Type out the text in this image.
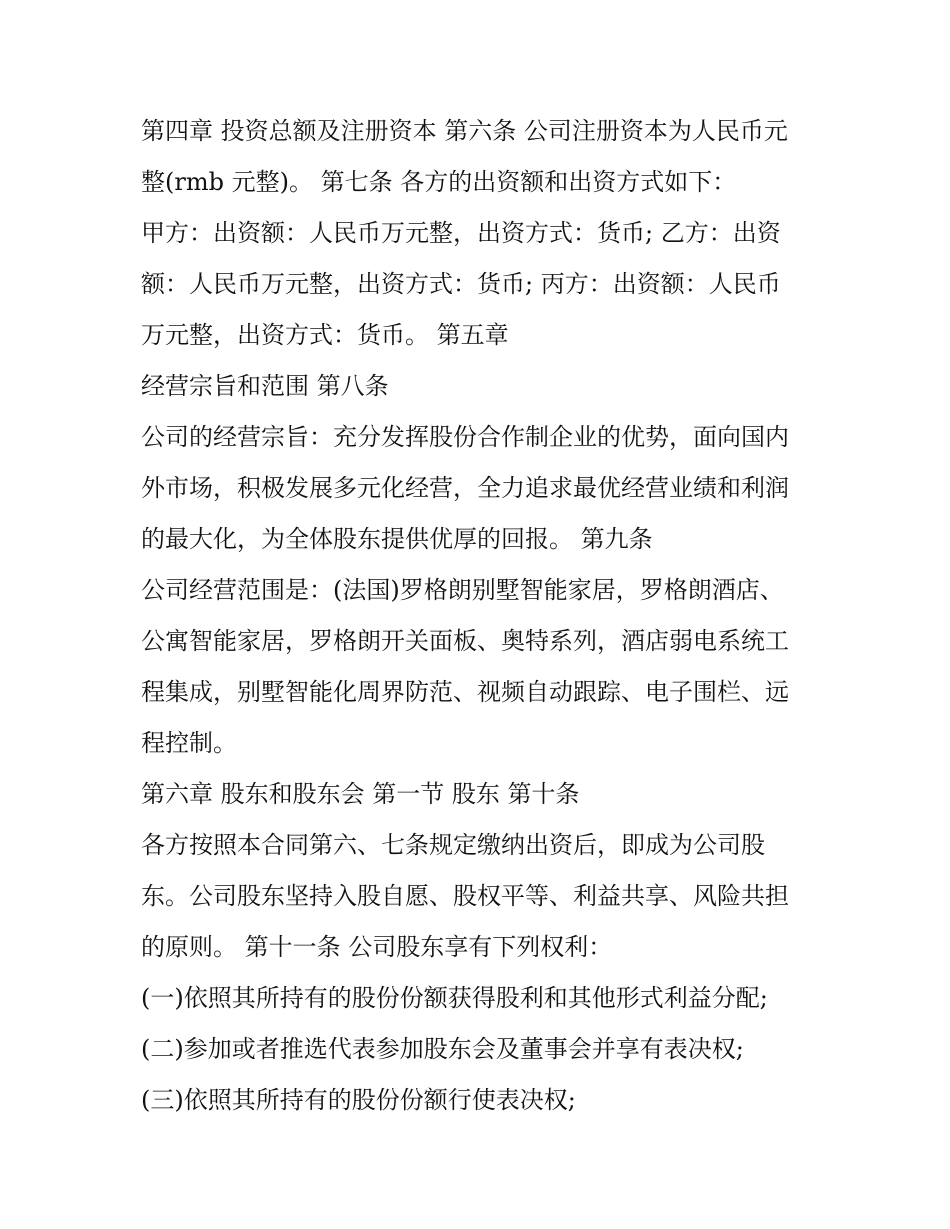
第四章 投资总额及注册资本 第六条 公司注册资本为人民币元
整(rmb 元整)。 第七条 各方的出资额和出资方式如下：
甲方：出资额：人民币万元整，出资方式：货币; 乙方：出资
额：人民币万元整，出资方式：货币; 丙方：出资额：人民币
万元整，出资方式：货币。 第五章
经营宗旨和范围 第八条
公司的经营宗旨：充分发挥股份合作制企业的优势，面向国内
外市场，积极发展多元化经营，全力追求最优经营业绩和利润
的最大化，为全体股东提供优厚的回报。 第九条
公司经营范围是：(法国)罗格朗别墅智能家居，罗格朗酒店、
公寓智能家居，罗格朗开关面板、奥特系列，酒店弱电系统工
程集成，别墅智能化周界防范、视频自动跟踪、电子围栏、远
程控制。
第六章 股东和股东会 第一节 股东 第十条
各方按照本合同第六、七条规定缴纳出资后，即成为公司股
东。公司股东坚持入股自愿、股权平等、利益共享、风险共担
的原则。 第十一条 公司股东享有下列权利：
(一)依照其所持有的股份份额获得股利和其他形式利益分配;
(二)参加或者推选代表参加股东会及董事会并享有表决权;
(三)依照其所持有的股份份额行使表决权;
